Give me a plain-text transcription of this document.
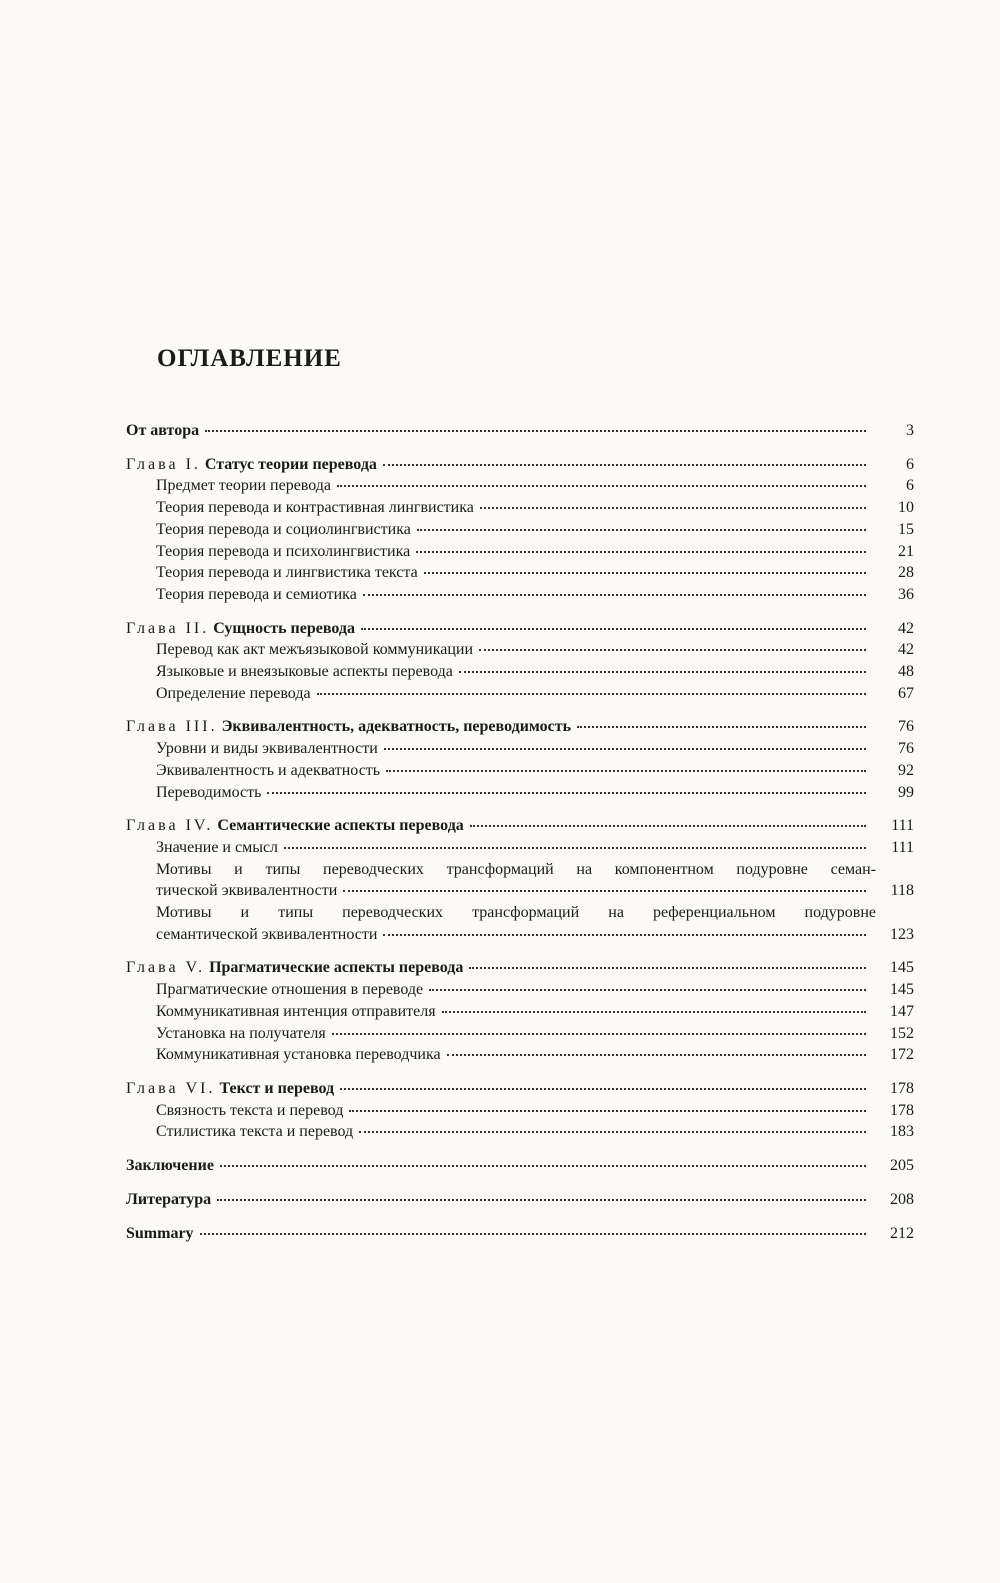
ОГЛАВЛЕНИЕ
От автора	3
Глава I. Статус теории перевода	6
Предмет теории перевода	6
Теория перевода и контрастивная лингвистика	10
Теория перевода и социолингвистика	15
Теория перевода и психолингвистика	21
Теория перевода и лингвистика текста	28
Теория перевода и семиотика	36
Глава II. Сущность перевода	42
Перевод как акт межъязыковой коммуникации	42
Языковые и внеязыковые аспекты перевода	48
Определение перевода	67
Глава III. Эквивалентность, адекватность, переводимость	76
Уровни и виды эквивалентности	76
Эквивалентность и адекватность	92
Переводимость	99
Глава IV. Семантические аспекты перевода	111
Значение и смысл	111
Мотивы и типы переводческих трансформаций на компонентном подуровне семан-
тической эквивалентности	118
Мотивы и типы переводческих трансформаций на референциальном подуровне
семантической эквивалентности	123
Глава V. Прагматические аспекты перевода	145
Прагматические отношения в переводе	145
Коммуникативная интенция отправителя	147
Установка на получателя	152
Коммуникативная установка переводчика	172
Глава VI. Текст и перевод	178
Связность текста и перевод	178
Стилистика текста и перевод	183
Заключение	205
Литература	208
Summary	212
